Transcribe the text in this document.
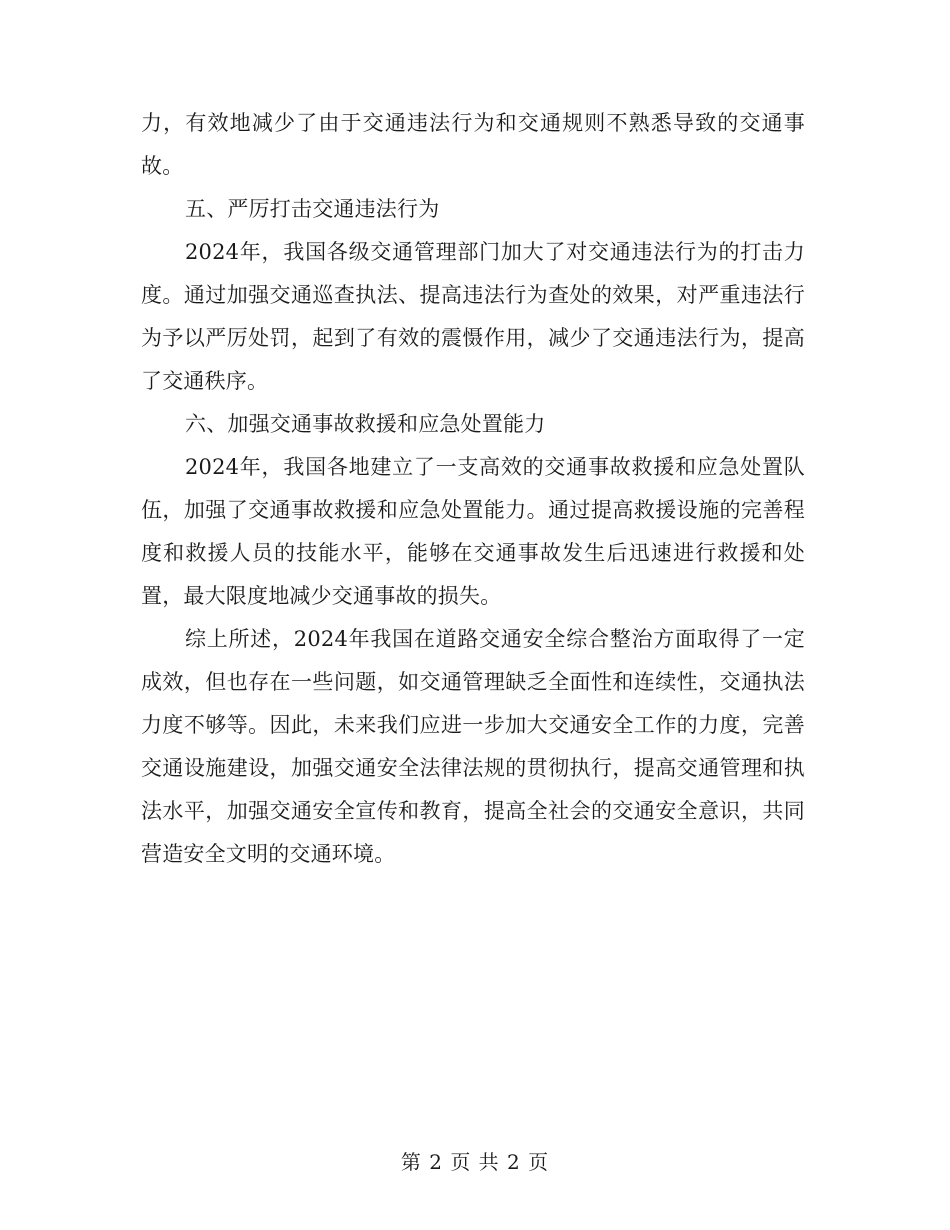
力，有效地减少了由于交通违法行为和交通规则不熟悉导致的交通事故。

五、严厉打击交通违法行为

2024年，我国各级交通管理部门加大了对交通违法行为的打击力度。通过加强交通巡查执法、提高违法行为查处的效果，对严重违法行为予以严厉处罚，起到了有效的震慑作用，减少了交通违法行为，提高了交通秩序。

六、加强交通事故救援和应急处置能力

2024年，我国各地建立了一支高效的交通事故救援和应急处置队伍，加强了交通事故救援和应急处置能力。通过提高救援设施的完善程度和救援人员的技能水平，能够在交通事故发生后迅速进行救援和处置，最大限度地减少交通事故的损失。

综上所述，2024年我国在道路交通安全综合整治方面取得了一定成效，但也存在一些问题，如交通管理缺乏全面性和连续性，交通执法力度不够等。因此，未来我们应进一步加大交通安全工作的力度，完善交通设施建设，加强交通安全法律法规的贯彻执行，提高交通管理和执法水平，加强交通安全宣传和教育，提高全社会的交通安全意识，共同营造安全文明的交通环境。

第 2 页 共 2 页
